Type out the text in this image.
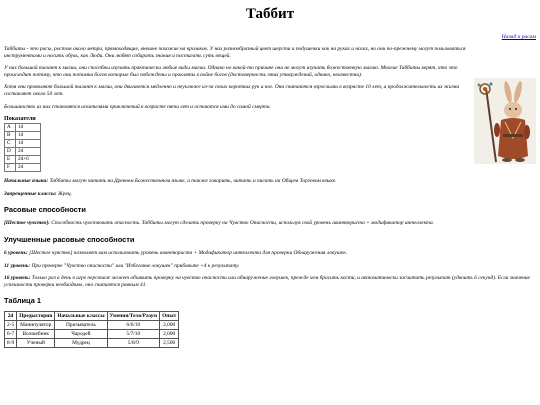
Таббит
Назад к расам

Таббиты - это расы, ростом около метра, прямоходящие, внешне похожие на кроликов. У них разнообразный цвет шерсти и подушечки как на руках и ногах, но они по-прежнему могут пользоваться инструментами и носить обувь, как Люди. Они любят собирать знания и постигать суть вещей.

У них большой талант к магии, они способны изучать практически любые виды магии. Однако но какой-то причине они не могут изучать божественную магию. Многие Таббиты верят, что это происходит потому, что они потомки богов которые был побеждены и прокляты в войне богов (достоверность этих утверждений, однако, неизвестна).

Хотя они проявляют большой талант к магии, они двигаются медленно и неуклюже из-за своих коротких рук и ног. Они считаются взрослыми в возрасте 10 лет, а продолжительность их жизни составляет около 50 лет.

Большинство из них становятся искателями приключений в возрасте пяти лет и остаются ими до самой смерти.

Показатели
A	1d
B	1d
C	1d
D	2d
E	2d+6
F	2d

Начальные языки: Таббиты могут читать на Древнем Божественном языке, а также говорить, читать и писать на Общем Торговом языке.

Запрещенные классы: Жрец.

Расовые способности

[Шестое чувство]: Способность чувствовать опасность. Таббиты могут сделать проверку на Чувство Опасности, используя свой уровень авантюриста + модификатор интеллекта.

Улучшенные расовые способности

6 уровень: [Шестое чувство] позволяет вам использовать уровень авантюриста + Модификатор интеллекта для проверки Обнаружения ловушек.

11 уровень: При проверке "Чувство опасности" или "Избегание ловушек" прибавьте +4 к результату.

16 уровень: Только раз в день в игре персонаж может объявить проверку на чувство опасности или обнаружение ловушек, прежде чем бросить кости, и автоматически засчитать результат (удвоить 6 секунд). Если значение успешности проверки необходимо, оно считается равным 41.

Таблица 1
2d	Предыстория	Начальные классы	Умения/Тело/Разум	Опыт
2-5	Манипулятор	Призыватель	6/6/10	2,000
6-7	Волшебник	Чародей	5/7/10	2,000
8-9	Ученый	Мудрец	5/8/9	2,500
